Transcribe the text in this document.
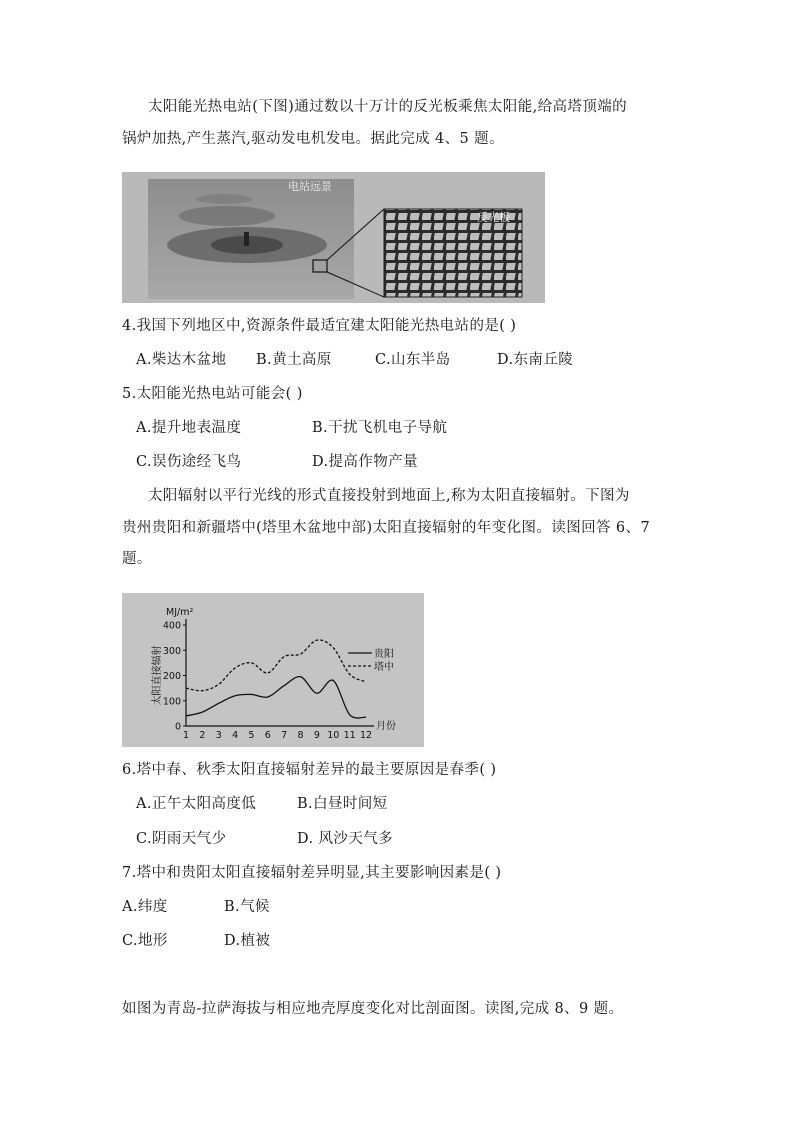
太阳能光热电站(下图)通过数以十万计的反光板乘焦太阳能,给高塔顶端的
锅炉加热,产生蒸汽,驱动发电机发电。据此完成 4、5 题。
电站远景
反光板
4.我国下列地区中,资源条件最适宜建太阳能光热电站的是( )
A.柴达木盆地 B.黄土高原	C.山东半岛	D.东南丘陵
5.太阳能光热电站可能会( )
A.提升地表温度	B.干扰飞机电子导航
C.误伤途经飞鸟	D.提高作物产量
太阳辐射以平行光线的形式直接投射到地面上,称为太阳直接辐射。下图为
贵州贵阳和新疆塔中(塔里木盆地中部)太阳直接辐射的年变化图。读图回答 6、7
题。
0
100
200
300
400
1 2 3 4 5 6 7 8 9 10 11 12
月份
MJ/m²
太阳直接辐射	贵阳
塔中
6.塔中春、秋季太阳直接辐射差异的最主要原因是春季( )
A.正午太阳高度低	B.白昼时间短
C.阴雨天气少	D. 风沙天气多
7.塔中和贵阳太阳直接辐射差异明显,其主要影响因素是( )
A.纬度	B.气候
C.地形	D.植被
如图为青岛-拉萨海拔与相应地壳厚度变化对比剖面图。读图,完成 8、9 题。
